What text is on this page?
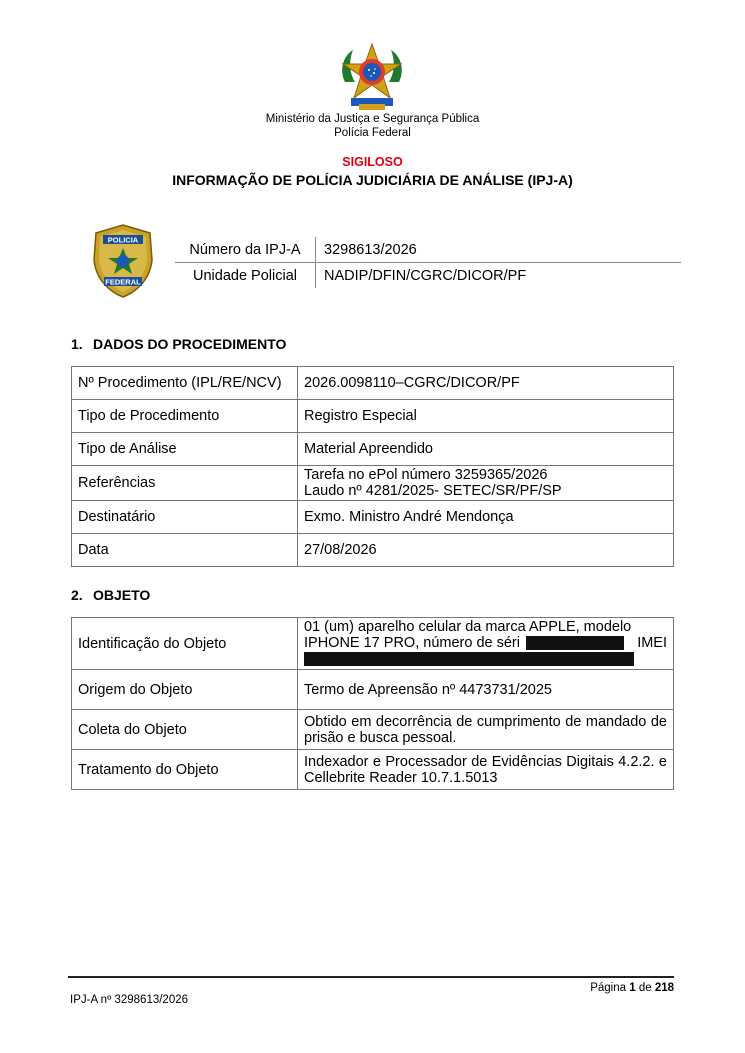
Ministério da Justiça e Segurança Pública
Polícia Federal
SIGILOSO
INFORMAÇÃO DE POLÍCIA JUDICIÁRIA DE ANÁLISE (IPJ-A)
POLICIA
FEDERAL
Número da IPJ-A	3298613/2026
Unidade Policial	NADIP/DFIN/CGRC/DICOR/PF
1. DADOS DO PROCEDIMENTO
Nº Procedimento (IPL/RE/NCV)	2026.0098110–CGRC/DICOR/PF
Tipo de Procedimento	Registro Especial
Tipo de Análise	Material Apreendido
Referências	Tarefa no ePol número 3259365/2026
Laudo nº 4281/2025- SETEC/SR/PF/SP

Destinatário	Exmo. Ministro André Mendonça
Data	27/08/2026
2. OBJETO
Identificação do Objeto	01 (um) aparelho celular da marca APPLE, modelo
IPHONE 17 PRO, número de séri IMEI

Origem do Objeto	Termo de Apreensão nº 4473731/2025
Coleta do Objeto	Obtido em decorrência de cumprimento de mandado de prisão e busca pessoal.
Tratamento do Objeto	Indexador e Processador de Evidências Digitais 4.2.2. e Cellebrite Reader 10.7.1.5013
Página 1 de 218
IPJ-A nº 3298613/2026
